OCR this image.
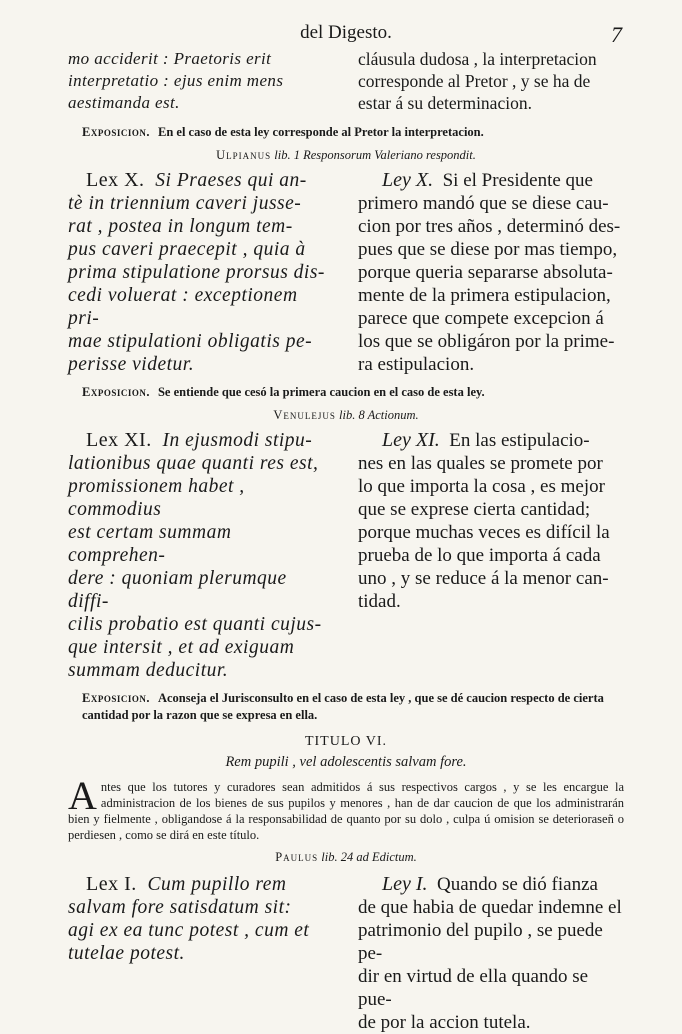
del Digesto.	7
mo acciderit : Praetoris erit
interpretatio : ejus enim mens
aestimanda est.
cláusula dudosa , la interpretacion
corresponde al Pretor , y se ha de
estar á su determinacion.
Exposicion. En el caso de esta ley corresponde al Pretor la interpretacion.
Ulpianus lib. 1 Responsorum Valeriano respondit.
Lex X. Si Praeses qui an-
tè in triennium caveri jusse-
rat , postea in longum tem-
pus caveri praecepit , quia à
prima stipulatione prorsus dis-
cedi voluerat : exceptionem pri-
mae stipulationi obligatis pe-
perisse videtur.
Ley X. Si el Presidente que
primero mandó que se diese cau-
cion por tres años , determinó des-
pues que se diese por mas tiempo,
porque queria separarse absoluta-
mente de la primera estipulacion,
parece que compete excepcion á
los que se obligáron por la prime-
ra estipulacion.
Exposicion. Se entiende que cesó la primera caucion en el caso de esta ley.
Venulejus lib. 8 Actionum.
Lex XI. In ejusmodi stipu-
lationibus quae quanti res est,
promissionem habet , commodius
est certam summam comprehen-
dere : quoniam plerumque diffi-
cilis probatio est quanti cujus-
que intersit , et ad exiguam
summam deducitur.
Ley XI. En las estipulacio-
nes en las quales se promete por
lo que importa la cosa , es mejor
que se exprese cierta cantidad;
porque muchas veces es difícil la
prueba de lo que importa á cada
uno , y se reduce á la menor can-
tidad.
Exposicion. Aconseja el Jurisconsulto en el caso de esta ley , que se dé caucion respecto de cierta cantidad por la razon que se expresa en ella.
TITULO VI.
Rem pupili , vel adolescentis salvam fore.
Antes que los tutores y curadores sean admitidos á sus respectivos cargos , y se les encargue la administracion de los bienes de sus pupilos y menores , han de dar caucion de que los administrarán bien y fielmente , obligandose á la responsabilidad de quanto por su dolo , culpa ú omision se deterioraseñ o perdiesen , como se dirá en este título.
Paulus lib. 24 ad Edictum.
Lex I. Cum pupillo rem
salvam fore satisdatum sit:
agi ex ea tunc potest , cum et
tutelae potest.
Ley I. Quando se dió fianza
de que habia de quedar indemne el
patrimonio del pupilo , se puede pe-
dir en virtud de ella quando se pue-
de por la accion tutela.
